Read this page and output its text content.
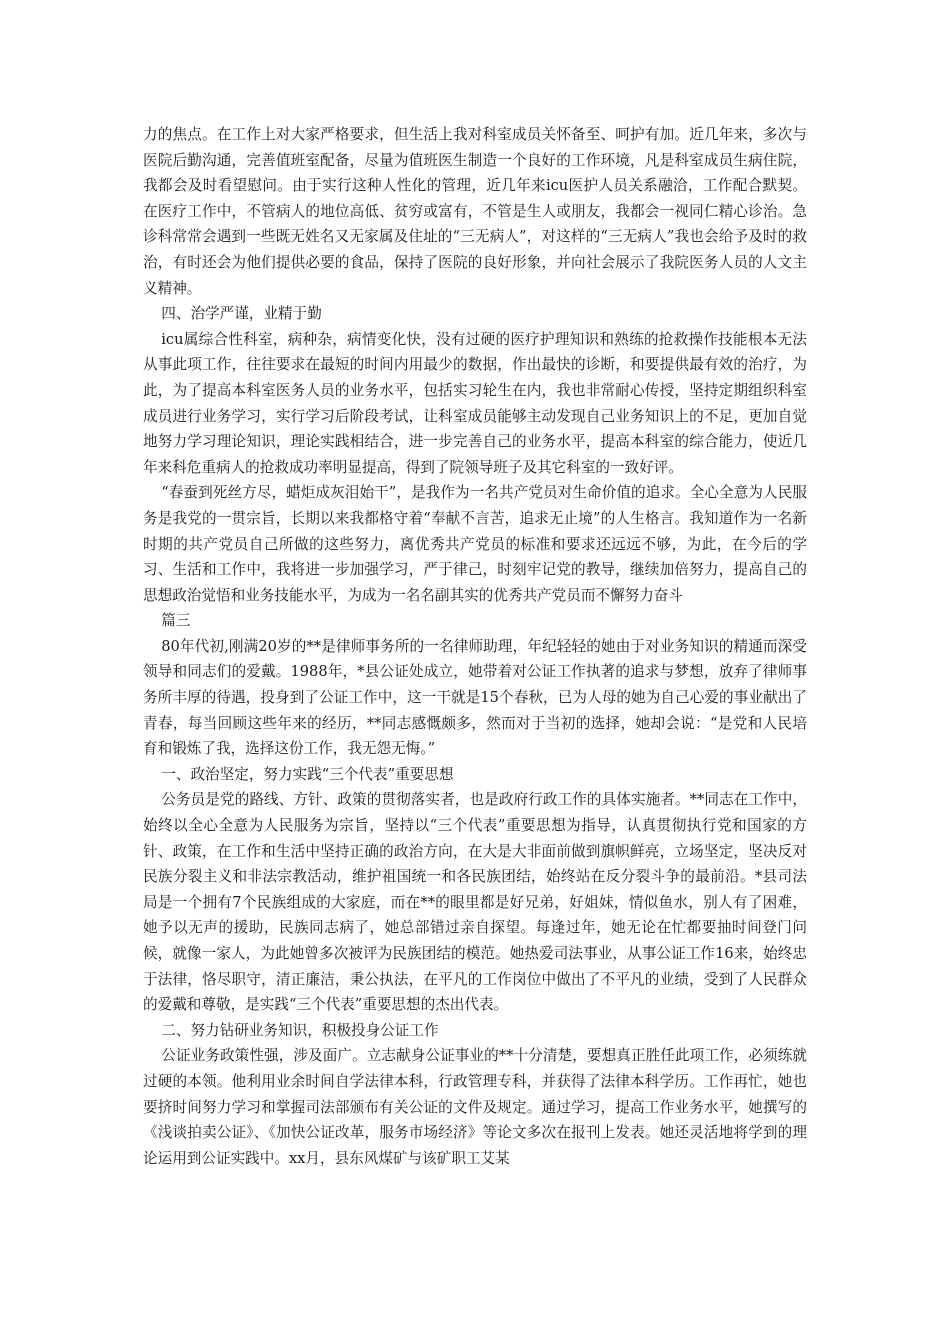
力的焦点。在工作上对大家严格要求，但生活上我对科室成员关怀备至、呵护有加。近几年来，多次与医院后勤沟通，完善值班室配备，尽量为值班医生制造一个良好的工作环境，凡是科室成员生病住院，我都会及时看望慰问。由于实行这种人性化的管理，近几年来icu医护人员关系融洽，工作配合默契。在医疗工作中，不管病人的地位高低、贫穷或富有，不管是生人或朋友，我都会一视同仁精心诊治。急诊科常常会遇到一些既无姓名又无家属及住址的“三无病人”，对这样的“三无病人”我也会给予及时的救治，有时还会为他们提供必要的食品，保持了医院的良好形象，并向社会展示了我院医务人员的人文主义精神。

四、治学严谨，业精于勤

icu属综合性科室，病种杂，病情变化快，没有过硬的医疗护理知识和熟练的抢救操作技能根本无法从事此项工作，往往要求在最短的时间内用最少的数据，作出最快的诊断，和要提供最有效的治疗，为此，为了提高本科室医务人员的业务水平，包括实习轮生在内，我也非常耐心传授，坚持定期组织科室成员进行业务学习，实行学习后阶段考试，让科室成员能够主动发现自己业务知识上的不足，更加自觉地努力学习理论知识，理论实践相结合，进一步完善自己的业务水平，提高本科室的综合能力，使近几年来科危重病人的抢救成功率明显提高，得到了院领导班子及其它科室的一致好评。

“春蚕到死丝方尽，蜡炬成灰泪始干”，是我作为一名共产党员对生命价值的追求。全心全意为人民服务是我党的一贯宗旨，长期以来我都格守着“奉献不言苦，追求无止境”的人生格言。我知道作为一名新时期的共产党员自己所做的这些努力，离优秀共产党员的标准和要求还远远不够，为此，在今后的学习、生活和工作中，我将进一步加强学习，严于律己，时刻牢记党的教导，继续加倍努力，提高自己的思想政治觉悟和业务技能水平，为成为一名名副其实的优秀共产党员而不懈努力奋斗

篇三

80年代初,刚满20岁的**是律师事务所的一名律师助理，年纪轻轻的她由于对业务知识的精通而深受领导和同志们的爱戴。1988年，*县公证处成立，她带着对公证工作执著的追求与梦想，放弃了律师事务所丰厚的待遇，投身到了公证工作中，这一干就是15个春秋，已为人母的她为自己心爱的事业献出了青春，每当回顾这些年来的经历，**同志感慨颇多，然而对于当初的选择，她却会说：“是党和人民培育和锻炼了我，选择这份工作，我无怨无悔。”

一、政治坚定，努力实践“三个代表”重要思想

公务员是党的路线、方针、政策的贯彻落实者，也是政府行政工作的具体实施者。**同志在工作中，始终以全心全意为人民服务为宗旨，坚持以“三个代表”重要思想为指导，认真贯彻执行党和国家的方针、政策，在工作和生活中坚持正确的政治方向，在大是大非面前做到旗帜鲜亮，立场坚定，坚决反对民族分裂主义和非法宗教活动，维护祖国统一和各民族团结，始终站在反分裂斗争的最前沿。*县司法局是一个拥有7个民族组成的大家庭，而在**的眼里都是好兄弟，好姐妹，情似鱼水，别人有了困难，她予以无声的援助，民族同志病了，她总部错过亲自探望。每逢过年，她无论在忙都要抽时间登门问候，就像一家人，为此她曾多次被评为民族团结的模范。她热爱司法事业，从事公证工作16来，始终忠于法律，恪尽职守，清正廉洁，秉公执法，在平凡的工作岗位中做出了不平凡的业绩，受到了人民群众的爱戴和尊敬，是实践“三个代表”重要思想的杰出代表。

二、努力钻研业务知识，积极投身公证工作

公证业务政策性强，涉及面广。立志献身公证事业的**十分清楚，要想真正胜任此项工作，必须练就过硬的本领。他利用业余时间自学法律本科，行政管理专科，并获得了法律本科学历。工作再忙，她也要挤时间努力学习和掌握司法部颁布有关公证的文件及规定。通过学习，提高工作业务水平，她撰写的《浅谈拍卖公证》、《加快公证改革，服务市场经济》等论文多次在报刊上发表。她还灵活地将学到的理论运用到公证实践中。xx月，县东风煤矿与该矿职工艾某
